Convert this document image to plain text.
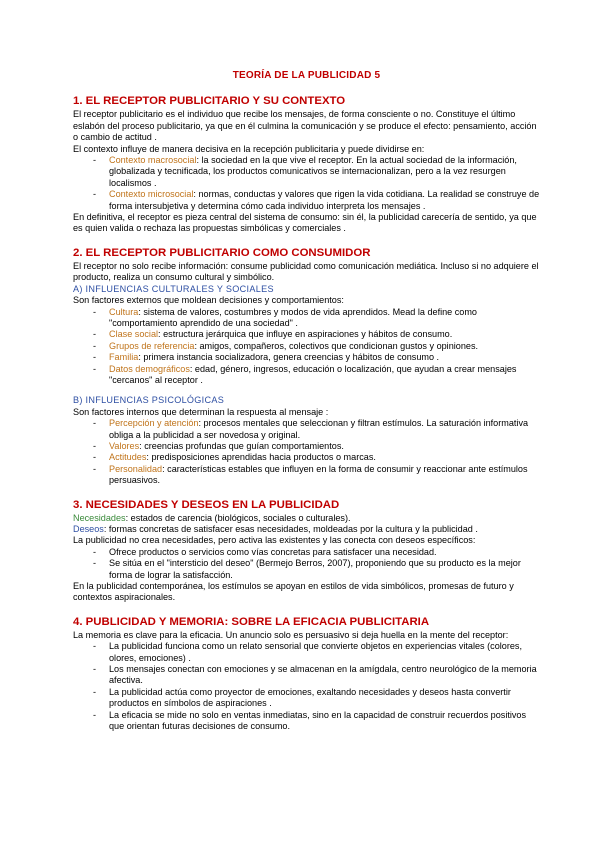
TEORÍA DE LA PUBLICIDAD 5
1. EL RECEPTOR PUBLICITARIO Y SU CONTEXTO

El receptor publicitario es el individuo que recibe los mensajes, de forma consciente o no. Constituye el último eslabón del proceso publicitario, ya que en él culmina la comunicación y se produce el efecto: pensamiento, acción o cambio de actitud .

El contexto influye de manera decisiva en la recepción publicitaria y puede dividirse en:

- Contexto macrosocial: la sociedad en la que vive el receptor. En la actual sociedad de la información, globalizada y tecnificada, los productos comunicativos se internacionalizan, pero a la vez resurgen localismos .
- Contexto microsocial: normas, conductas y valores que rigen la vida cotidiana. La realidad se construye de forma intersubjetiva y determina cómo cada individuo interpreta los mensajes .

En definitiva, el receptor es pieza central del sistema de consumo: sin él, la publicidad carecería de sentido, ya que es quien valida o rechaza las propuestas simbólicas y comerciales .

2. EL RECEPTOR PUBLICITARIO COMO CONSUMIDOR

El receptor no solo recibe información: consume publicidad como comunicación mediática. Incluso si no adquiere el producto, realiza un consumo cultural y simbólico.

A) INFLUENCIAS CULTURALES Y SOCIALES

Son factores externos que moldean decisiones y comportamientos:

- Cultura: sistema de valores, costumbres y modos de vida aprendidos. Mead la define como "comportamiento aprendido de una sociedad" .
- Clase social: estructura jerárquica que influye en aspiraciones y hábitos de consumo.
- Grupos de referencia: amigos, compañeros, colectivos que condicionan gustos y opiniones.
- Familia: primera instancia socializadora, genera creencias y hábitos de consumo .
- Datos demográficos: edad, género, ingresos, educación o localización, que ayudan a crear mensajes "cercanos" al receptor .

B) INFLUENCIAS PSICOLÓGICAS

Son factores internos que determinan la respuesta al mensaje :

- Percepción y atención: procesos mentales que seleccionan y filtran estímulos. La saturación informativa obliga a la publicidad a ser novedosa y original.
- Valores: creencias profundas que guían comportamientos.
- Actitudes: predisposiciones aprendidas hacia productos o marcas.
- Personalidad: características estables que influyen en la forma de consumir y reaccionar ante estímulos persuasivos.
3. NECESIDADES Y DESEOS EN LA PUBLICIDAD

Necesidades: estados de carencia (biológicos, sociales o culturales).

Deseos: formas concretas de satisfacer esas necesidades, moldeadas por la cultura y la publicidad .

La publicidad no crea necesidades, pero activa las existentes y las conecta con deseos específicos:

- Ofrece productos o servicios como vías concretas para satisfacer una necesidad.
- Se sitúa en el "intersticio del deseo" (Bermejo Berros, 2007), proponiendo que su producto es la mejor forma de lograr la satisfacción.

En la publicidad contemporánea, los estímulos se apoyan en estilos de vida simbólicos, promesas de futuro y contextos aspiracionales.

4. PUBLICIDAD Y MEMORIA: SOBRE LA EFICACIA PUBLICITARIA

La memoria es clave para la eficacia. Un anuncio solo es persuasivo si deja huella en la mente del receptor:

- La publicidad funciona como un relato sensorial que convierte objetos en experiencias vitales (colores, olores, emociones) .
- Los mensajes conectan con emociones y se almacenan en la amígdala, centro neurológico de la memoria afectiva.
- La publicidad actúa como proyector de emociones, exaltando necesidades y deseos hasta convertir productos en símbolos de aspiraciones .
- La eficacia se mide no solo en ventas inmediatas, sino en la capacidad de construir recuerdos positivos que orientan futuras decisiones de consumo.
